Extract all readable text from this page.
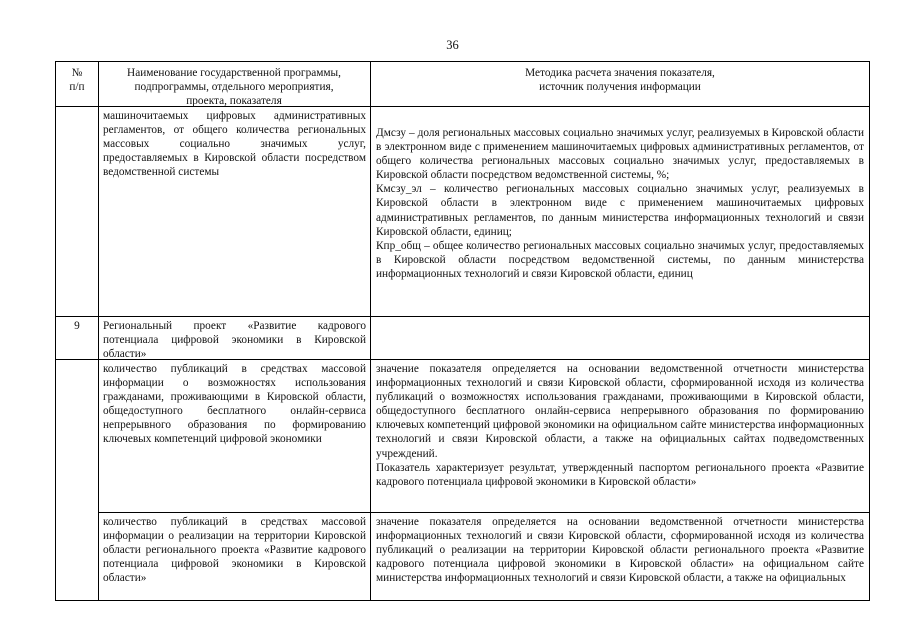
36
№
п/п
Наименование государственной программы,
подпрограммы, отдельного мероприятия,
проекта, показателя
Методика расчета значения показателя,
источник получения информации
машиночитаемых цифровых административных регламентов, от общего количества региональных массовых социально значимых услуг, предоставляемых в Кировской области посредством ведомственной системы
Дмсзу – доля региональных массовых социально значимых услуг, реализуемых в Кировской области в электронном виде с применением машиночитаемых цифровых административных регламентов, от общего количества региональных массовых социально значимых услуг, предоставляемых в Кировской области посредством ведомственной системы, %;
Кмсзу_эл – количество региональных массовых социально значимых услуг, реализуемых в Кировской области в электронном виде с применением машиночитаемых цифровых административных регламентов, по данным министерства информационных технологий и связи Кировской области, единиц;
Кпр_общ – общее количество региональных массовых социально значимых услуг, предоставляемых в Кировской области посредством ведомственной системы, по данным министерства информационных технологий и связи Кировской области, единиц
9	Региональный проект «Развитие кадрового потенциала цифровой экономики в Кировской области»
количество публикаций в средствах массовой информации о возможностях использования гражданами, проживающими в Кировской области, общедоступного бесплатного онлайн-сервиса непрерывного образования по формированию ключевых компетенций цифровой экономики
значение показателя определяется на основании ведомственной отчетности министерства информационных технологий и связи Кировской области, сформированной исходя из количества публикаций о возможностях использования гражданами, проживающими в Кировской области, общедоступного бесплатного онлайн-сервиса непрерывного образования по формированию ключевых компетенций цифровой экономики на официальном сайте министерства информационных технологий и связи Кировской области, а также на официальных сайтах подведомственных учреждений.
Показатель характеризует результат, утвержденный паспортом регионального проекта «Развитие кадрового потенциала цифровой экономики в Кировской области»
количество публикаций в средствах массовой информации о реализации на территории Кировской области регионального проекта «Развитие кадрового потенциала цифровой экономики в Кировской области»
значение показателя определяется на основании ведомственной отчетности министерства информационных технологий и связи Кировской области, сформированной исходя из количества публикаций о реализации на территории Кировской области регионального проекта «Развитие кадрового потенциала цифровой экономики в Кировской области» на официальном сайте министерства информационных технологий и связи Кировской области, а также на официальных
